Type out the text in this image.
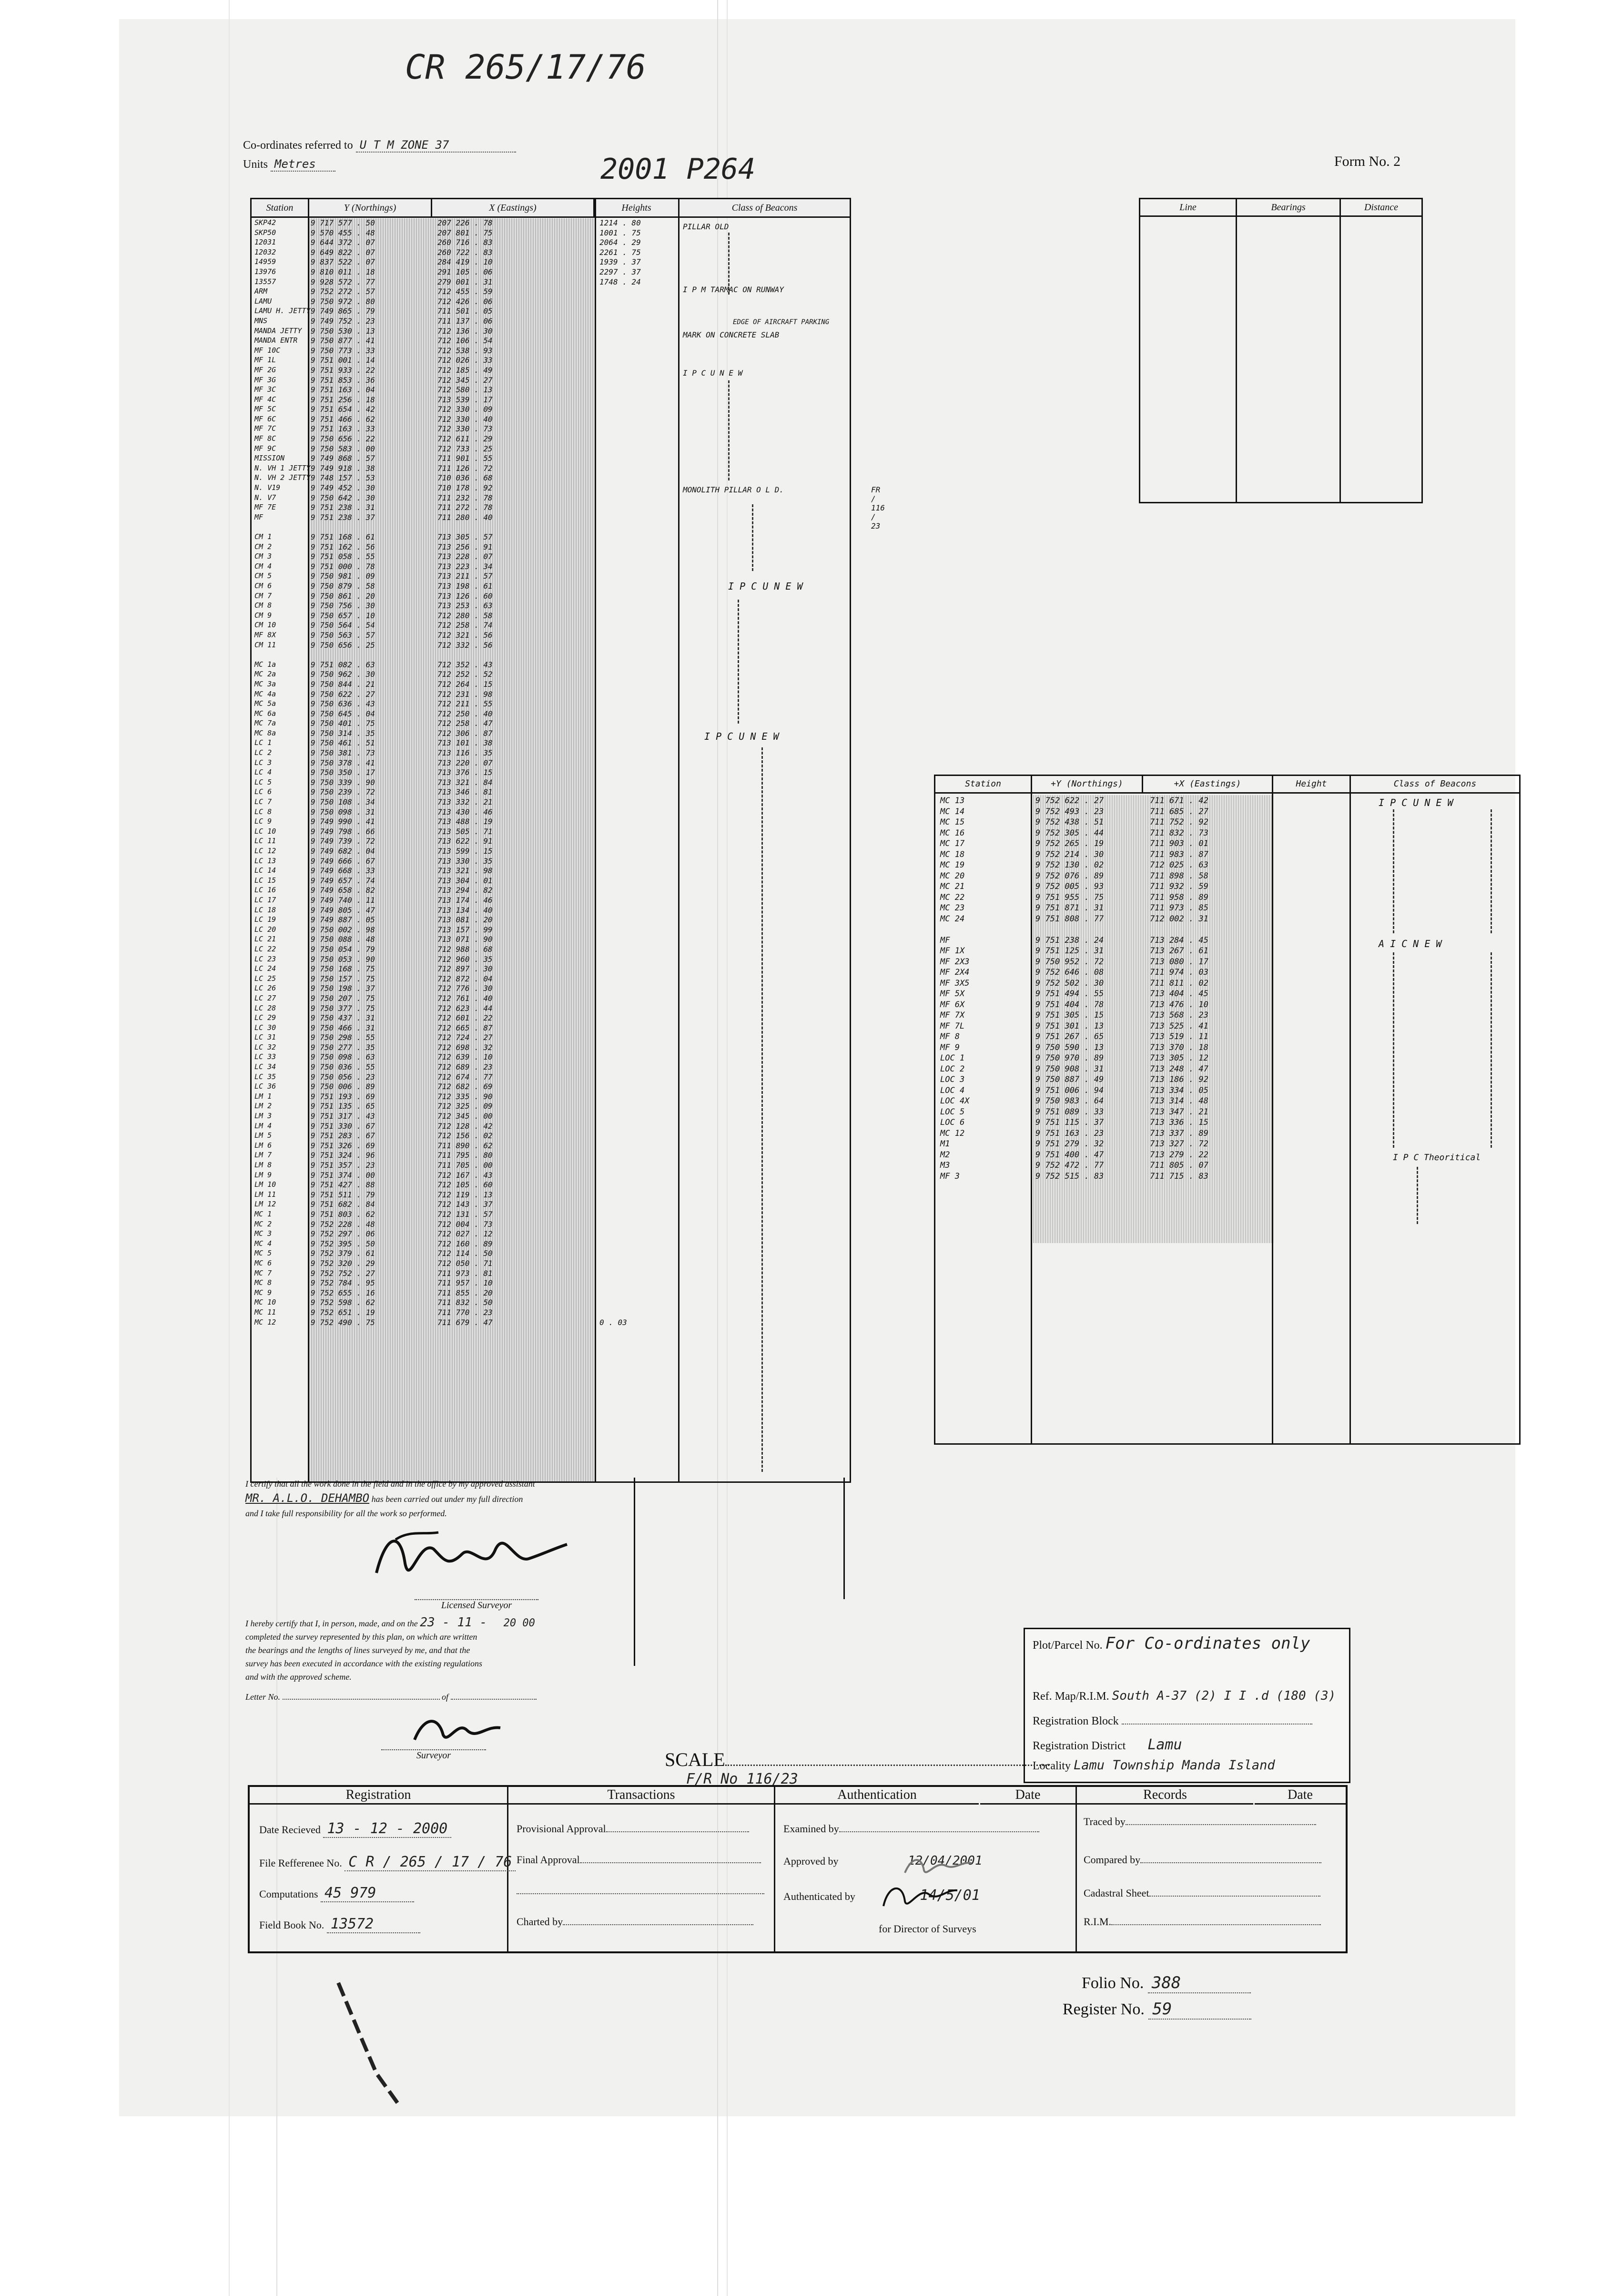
CR 265/17/76
2001 P264
Co-ordinates referred to U T M ZONE 37
Units Metres	Form No. 2
Station	Y (Northings)	X (Eastings)	Heights	Class of Beacons
SKP42	9 717 577 . 50	207 226 . 78	1214 . 80
SKP50	9 570 455 . 48	207 801 . 75	1001 . 75
12031	9 644 372 . 07	260 716 . 83	2064 . 29
12032	9 649 822 . 07	260 722 . 83	2261 . 75
14959	9 837 522 . 07	284 419 . 10	1939 . 37
13976	9 810 011 . 18	291 105 . 06	2297 . 37
13557	9 928 572 . 77	279 001 . 31	1748 . 24
ARM	9 752 272 . 57	712 455 . 59
LAMU	9 750 972 . 80	712 426 . 06
LAMU H. JETTY 9 749 865 . 79	711 501 . 05
MNS	9 749 752 . 23	711 137 . 06
MANDA JETTY 9 750 530 . 13	712 136 . 30
MANDA ENTR 9 750 877 . 41	712 106 . 54
MF 10C	9 750 773 . 33	712 538 . 93
MF 1L	9 751 001 . 14	712 026 . 33
MF 2G	9 751 933 . 22	712 185 . 49
MF 3G	9 751 853 . 36	712 345 . 27
MF 3C	9 751 163 . 04	712 580 . 13
MF 4C	9 751 256 . 18	713 539 . 17
MF 5C	9 751 654 . 42	712 330 . 09
MF 6C	9 751 466 . 62	712 330 . 40
MF 7C	9 751 163 . 33	712 330 . 73
MF 8C	9 750 656 . 22	712 611 . 29
MF 9C	9 750 583 . 00	712 733 . 25
MISSION	9 749 868 . 57	711 901 . 55
N. VH 1 JETTY 9 749 918 . 38	711 126 . 72
N. VH 2 JETTY 9 748 157 . 53	710 036 . 68
N. V19	9 749 452 . 30	710 178 . 92
N. V7	9 750 642 . 30	711 232 . 78
MF 7E	9 751 238 . 31	711 272 . 78
MF	9 751 238 . 37	711 280 . 40
CM 1	9 751 168 . 61	713 305 . 57
CM 2	9 751 162 . 56	713 256 . 91
CM 3	9 751 058 . 55	713 228 . 07
CM 4	9 751 000 . 78	713 223 . 34
CM 5	9 750 981 . 09	713 211 . 57
CM 6	9 750 879 . 58	713 198 . 61
CM 7	9 750 861 . 20	713 126 . 60
CM 8	9 750 756 . 30	713 253 . 63
CM 9	9 750 657 . 10	712 280 . 58
CM 10	9 750 564 . 54	712 258 . 74
MF 8X	9 750 563 . 57	712 321 . 56
CM 11	9 750 656 . 25	712 332 . 56
MC 1a	9 751 082 . 63	712 352 . 43
MC 2a	9 750 962 . 30	712 252 . 52
MC 3a	9 750 844 . 21	712 264 . 15
MC 4a	9 750 622 . 27	712 231 . 98
MC 5a	9 750 636 . 43	712 211 . 55
MC 6a	9 750 645 . 04	712 250 . 40
MC 7a	9 750 401 . 75	712 258 . 47
MC 8a	9 750 314 . 35	712 306 . 87
LC 1	9 750 461 . 51	713 101 . 38
LC 2	9 750 381 . 73	713 116 . 35
LC 3	9 750 378 . 41	713 220 . 07
LC 4	9 750 350 . 17	713 376 . 15
LC 5	9 750 339 . 90	713 321 . 84
LC 6	9 750 239 . 72	713 346 . 81
LC 7	9 750 108 . 34	713 332 . 21
LC 8	9 750 098 . 31	713 430 . 46
LC 9	9 749 990 . 41	713 488 . 19
LC 10	9 749 798 . 66	713 505 . 71
LC 11	9 749 739 . 72	713 622 . 91
LC 12	9 749 682 . 04	713 599 . 15
LC 13	9 749 666 . 67	713 330 . 35
LC 14	9 749 668 . 33	713 321 . 98
LC 15	9 749 657 . 74	713 304 . 01
LC 16	9 749 658 . 82	713 294 . 82
LC 17	9 749 740 . 11	713 174 . 46
LC 18	9 749 805 . 47	713 134 . 40
LC 19	9 749 887 . 05	713 081 . 20
LC 20	9 750 002 . 98	713 157 . 99
LC 21	9 750 088 . 48	713 071 . 90
LC 22	9 750 054 . 79	712 988 . 68
LC 23	9 750 053 . 90	712 960 . 35
LC 24	9 750 168 . 75	712 897 . 30
LC 25	9 750 157 . 75	712 872 . 04
LC 26	9 750 198 . 37	712 776 . 30
LC 27	9 750 207 . 75	712 761 . 40
LC 28	9 750 377 . 75	712 623 . 44
LC 29	9 750 437 . 31	712 601 . 22
LC 30	9 750 466 . 31	712 665 . 87
LC 31	9 750 298 . 55	712 724 . 27
LC 32	9 750 277 . 35	712 698 . 32
LC 33	9 750 098 . 63	712 639 . 10
LC 34	9 750 036 . 55	712 689 . 23
LC 35	9 750 056 . 23	712 674 . 77
LC 36	9 750 006 . 89	712 682 . 69
LM 1	9 751 193 . 69	712 335 . 90
LM 2	9 751 135 . 65	712 325 . 09
LM 3	9 751 317 . 43	712 345 . 00
LM 4	9 751 330 . 67	712 128 . 42
LM 5	9 751 283 . 67	712 156 . 02
LM 6	9 751 326 . 69	711 890 . 62
LM 7	9 751 324 . 96	711 795 . 80
LM 8	9 751 357 . 23	711 705 . 00
LM 9	9 751 374 . 00	712 167 . 43
LM 10	9 751 427 . 88	712 105 . 60
LM 11	9 751 511 . 79	712 119 . 13
LM 12	9 751 682 . 84	712 143 . 37
MC 1	9 751 803 . 62	712 131 . 57
MC 2	9 752 228 . 48	712 004 . 73
MC 3	9 752 297 . 06	712 027 . 12
MC 4	9 752 395 . 50	712 160 . 89
MC 5	9 752 379 . 61	712 114 . 50
MC 6	9 752 320 . 29	712 050 . 71
MC 7	9 752 752 . 27	711 973 . 81
MC 8	9 752 784 . 95	711 957 . 10
MC 9	9 752 655 . 16	711 855 . 20
MC 10	9 752 598 . 62	711 832 . 50
MC 11	9 752 651 . 19	711 770 . 23
MC 12	9 752 490 . 75	711 679 . 47	0 . 03
PILLAR OLD
I P M TARMAC ON RUNWAY
EDGE OF AIRCRAFT PARKING
MARK ON CONCRETE SLAB
I P C U N E W
MONOLITH PILLAR O L D.	FR / 116 / 23
I P C U N E W
I P C U N E W
Line	Bearings	Distance
Station	+Y (Northings)	+X (Eastings)	Height	Class of Beacons
MC 13	9 752 622 . 27	711 671 . 42
MC 14	9 752 493 . 23	711 685 . 27
MC 15	9 752 438 . 51	711 752 . 92
MC 16	9 752 305 . 44	711 832 . 73
MC 17	9 752 265 . 19	711 903 . 01
MC 18	9 752 214 . 30	711 983 . 87
MC 19	9 752 130 . 02	712 025 . 63
MC 20	9 752 076 . 89	711 898 . 58
MC 21	9 752 005 . 93	711 932 . 59
MC 22	9 751 955 . 75	711 958 . 89
MC 23	9 751 871 . 31	711 973 . 85
MC 24	9 751 808 . 77	712 002 . 31
MF	9 751 238 . 24	713 284 . 45
MF 1X	9 751 125 . 31	713 267 . 61
MF 2X3	9 750 952 . 72	713 080 . 17
MF 2X4	9 752 646 . 08	711 974 . 03
MF 3X5	9 752 502 . 30	711 811 . 02
MF 5X	9 751 494 . 55	713 404 . 45
MF 6X	9 751 404 . 78	713 476 . 10
MF 7X	9 751 305 . 15	713 568 . 23
MF 7L	9 751 301 . 13	713 525 . 41
MF 8	9 751 267 . 65	713 519 . 11
MF 9	9 750 590 . 13	713 370 . 18
LOC 1	9 750 970 . 89	713 305 . 12
LOC 2	9 750 908 . 31	713 248 . 47
LOC 3	9 750 887 . 49	713 186 . 92
LOC 4	9 751 006 . 94	713 334 . 05
LOC 4X	9 750 983 . 64	713 314 . 48
LOC 5	9 751 089 . 33	713 347 . 21
LOC 6	9 751 115 . 37	713 336 . 15
MC 12	9 751 163 . 23	713 337 . 89
M1	9 751 279 . 32	713 327 . 72
M2	9 751 400 . 47	713 279 . 22
M3	9 752 472 . 77	711 805 . 07
MF 3	9 752 515 . 83	711 715 . 83
I P C U N E W
A I C N E W
I P C Theoritical
I certify that all the work done in the field and in the office by my approved assistant
MR. A.L.O. DEHAMBO has been carried out under my full direction
and I take full responsibility for all the work so performed.
Licensed Surveyor
I hereby certify that I, in person, made, and on the 23 - 11 - 20 00
completed the survey represented by this plan, on which are written
the bearings and the lengths of lines surveyed by me, and that the
survey has been executed in accordance with the existing regulations
and with the approved scheme.
Letter No.	of
Surveyor
Plot/Parcel No. For Co-ordinates only
Ref. Map/R.I.M. South A-37 (2) I I .d (180 (3)
Registration Block
Registration District Lamu
Locality Lamu Township Manda Island
SCALE
F/R No 116/23
Registration	Transactions	Authentication	Date	Records	Date
Date Recieved 13 - 12 - 2000
File Refferenee No. C R / 265 / 17 / 76
Computations 45 979
Field Book No. 13572
Provisional Approval
Final Approval
Charted by
Examined by
Approved by	12/04/2001
Authenticated by	14/5/01
for Director of Surveys
Traced by
Compared by
Cadastral Sheet
R.I.M.
Folio No. 388
Register No. 59
